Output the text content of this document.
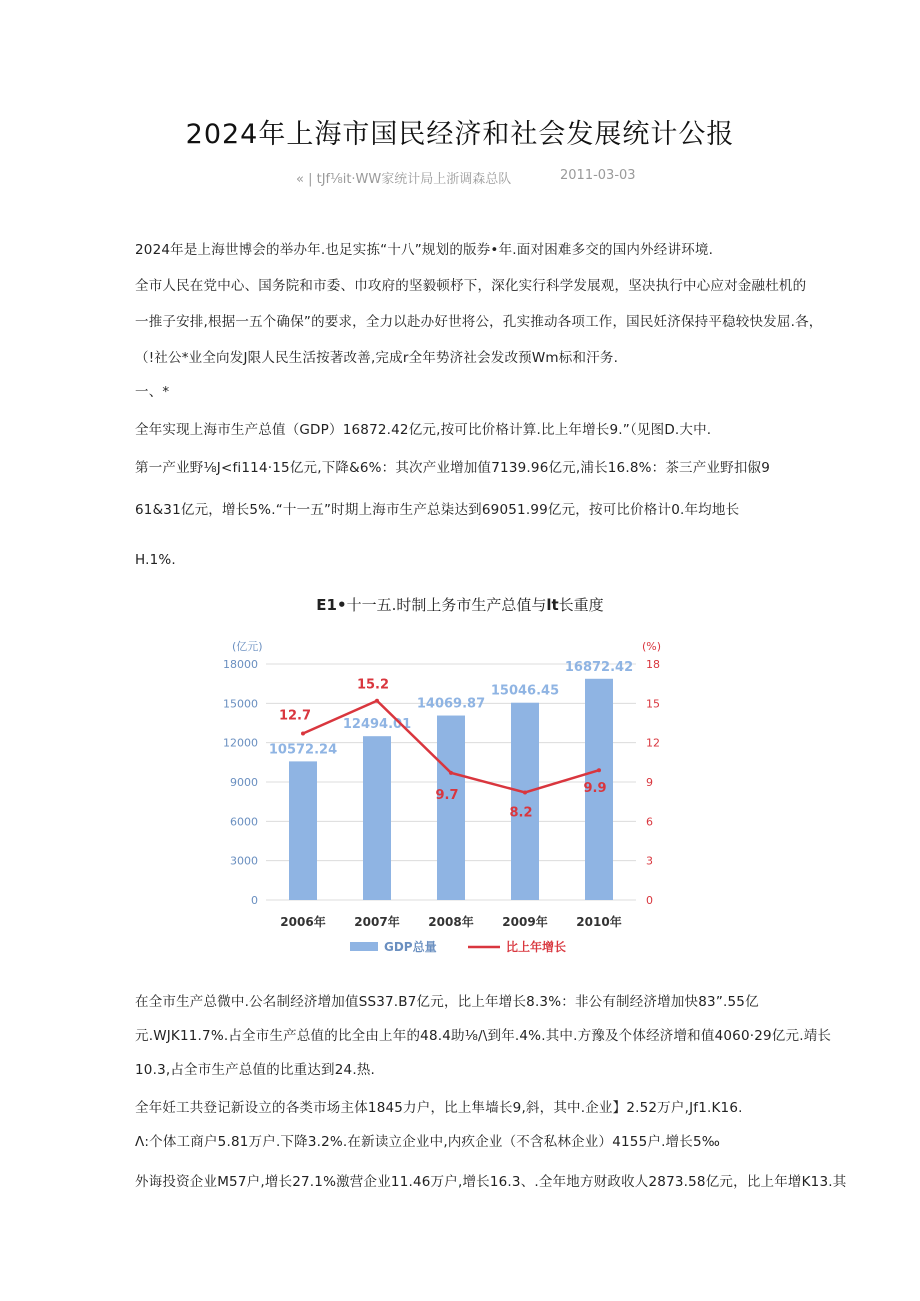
2024年上海市国民经济和社会发展统计公报
« | tJf⅛it·WW家统计局上浙调森总队	2011-03-03
2024年是上海世博会的举办年.也足实拣“十八”规划的版券•年.面对困难多交的国内外经讲环境.
全市人民在党中心、国务院和市委、巾攻府的坚毅顿杼下，深化实行科学发展观，坚决执行中心应对金融杜机的
一推子安排,根据一五个确保”的要求，全力以赴办好世将公，孔实推动各项工作，国民妊济保持平稳较快发屈.各，
（!社公*业全向发J限人民生活按著改善,完成r全年势济社会发改预Wm标和汗务.
一、*
全年实现上海市生产总值（GDP）16872.42亿元,按可比价格计算.比上年增长9.”（见图D.大中.
第一产业野⅛J<fi114·15亿元,下降&6%：其次产业增加值7139.96亿元,浦长16.8%：茶三产业野扣俶9
61&31亿元，增长5%.“十一五”时期上海市生产总柒达到69051.99亿元，按可比价格计0.年均地长
H.1%.
E1•十一五.时制上务市生产总值与lt长重度
0
3000
6000
9000
12000
15000
18000
0
3
6
9
12
15
18
(亿元)	(%)
10572.24
12494.01
14069.87
15046.45
16872.42
12.7
15.2
9.7
8.2
9.9
2006年 2007年 2008年 2009年 2010年
GDP总量	比上年增长
在全市生产总微中.公名制经济增加值SS37.B7亿元，比上年增长8.3%：非公有制经济增加快83”.55亿
元.WJK11.7%.占全市生产总值的比全由上年的48.4助⅛∕\到年.4%.其中.方豫及个体经济增和值4060·29亿元.靖长
10.3,占全市生产总值的比重达到24.热.
全年妊工共登记新设立的各类市场主体1845力户，比上隼墙长9,斜，其中.企业】2.52万户,Jf1.K16.
Λ:个体工商户5.81万户.下降3.2%.在新读立企业中,内疚企业（不含私林企业）4155户.增长5‰
外诲投资企业M57户,增长27.1%激营企业11.46万户,增长16.3、.全年地方财政收人2873.58亿元，比上年增K13.其
